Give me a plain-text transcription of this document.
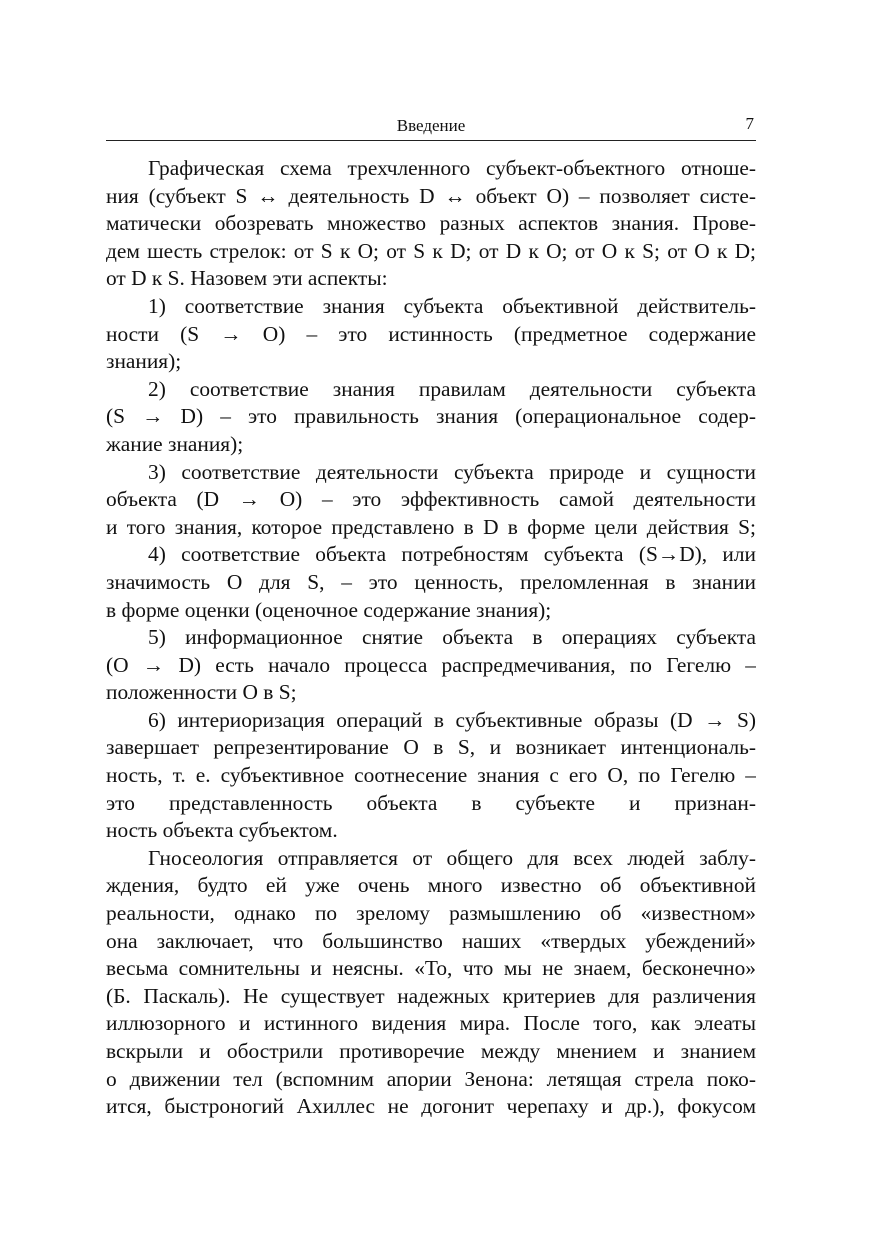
Введение	7
Графическая схема трехчленного субъект-объектного отноше-
ния (субъект S ↔ деятельность D ↔ объект O) – позволяет систе-
матически обозревать множество разных аспектов знания. Прове-
дем шесть стрелок: от S к O; от S к D; от D к O; от O к S; от O к D;
от D к S. Назовем эти аспекты:
1) соответствие знания субъекта объективной действитель-
ности (S → O) – это истинность (предметное содержание
знания);
2) соответствие знания правилам деятельности субъекта
(S → D) – это правильность знания (операциональное содер-
жание знания);
3) соответствие деятельности субъекта природе и сущности
объекта (D → O) – это эффективность самой деятельности
и того знания, которое представлено в D в форме цели действия S;
4) соответствие объекта потребностям субъекта (S→D), или
значимость O для S, – это ценность, преломленная в знании
в форме оценки (оценочное содержание знания);
5) информационное снятие объекта в операциях субъекта
(O → D) есть начало процесса распредмечивания, по Гегелю –
положенности O в S;
6) интериоризация операций в субъективные образы (D → S)
завершает репрезентирование O в S, и возникает интенциональ-
ность, т. е. субъективное соотнесение знания с его O, по Гегелю –
это представленность объекта в субъекте и признан-
ность объекта субъектом.
Гносеология отправляется от общего для всех людей заблу-
ждения, будто ей уже очень много известно об объективной
реальности, однако по зрелому размышлению об «известном»
она заключает, что большинство наших «твердых убеждений»
весьма сомнительны и неясны. «То, что мы не знаем, бесконечно»
(Б. Паскаль). Не существует надежных критериев для различения
иллюзорного и истинного видения мира. После того, как элеаты
вскрыли и обострили противоречие между мнением и знанием
о движении тел (вспомним апории Зенона: летящая стрела поко-
ится, быстроногий Ахиллес не догонит черепаху и др.), фокусом
